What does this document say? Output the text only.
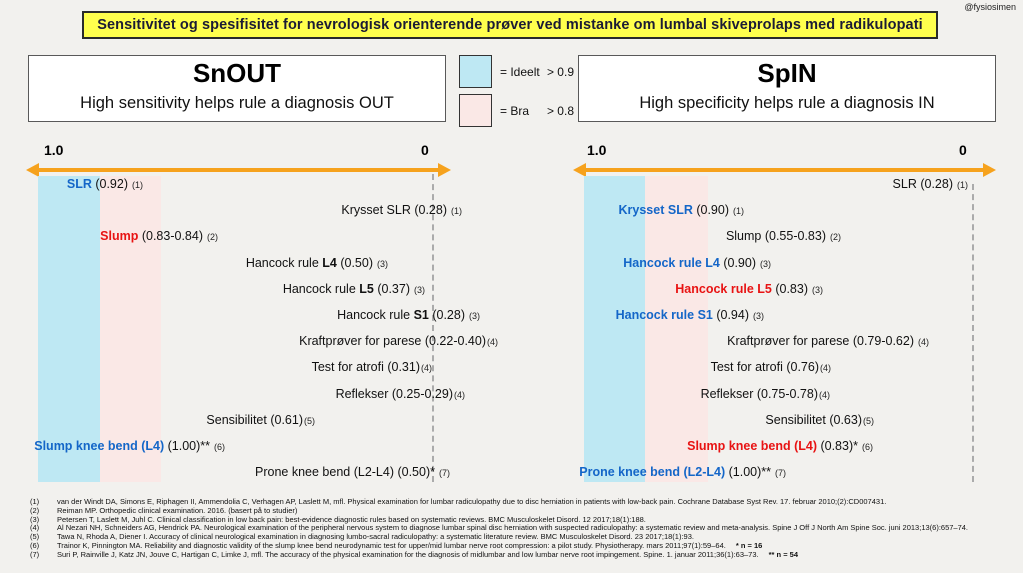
@fysiosimen
Sensitivitet og spesifisitet for nevrologisk orienterende prøver ved mistanke om lumbal skiveprolaps med radikulopati
SnOUT
High sensitivity helps rule a diagnosis OUT
= Ideelt > 0.9
= Bra > 0.8
SpIN
High specificity helps rule a diagnosis IN
1.0	0	1.0	0
SLR (0.92) (1)
Krysset SLR (0.28) (1)
Slump (0.83-0.84) (2)
Hancock rule L4 (0.50) (3)
Hancock rule L5 (0.37) (3)
Hancock rule S1 (0.28) (3)
Kraftprøver for parese (0.22-0.40)(4)
Test for atrofi (0.31)(4)
Reflekser (0.25-0.29)(4)
Sensibilitet (0.61)(5)
Slump knee bend (L4) (1.00)** (6)
Prone knee bend (L2-L4) (0.50)* (7)
SLR (0.28) (1)
Krysset SLR (0.90) (1)
Slump (0.55-0.83) (2)
Hancock rule L4 (0.90) (3)
Hancock rule L5 (0.83) (3)
Hancock rule S1 (0.94) (3)
Kraftprøver for parese (0.79-0.62) (4)
Test for atrofi (0.76)(4)
Reflekser (0.75-0.78)(4)
Sensibilitet (0.63)(5)
Slump knee bend (L4) (0.83)* (6)
Prone knee bend (L2-L4) (1.00)** (7)
(1)	van der Windt DA, Simons E, Riphagen II, Ammendolia C, Verhagen AP, Laslett M, mfl. Physical examination for lumbar radiculopathy due to disc herniation in patients with low-back pain. Cochrane Database Syst Rev. 17. februar 2010;(2):CD007431.
(2)	Reiman MP. Orthopedic clinical examination. 2016. (basert på to studier)
(3)	Petersen T, Laslett M, Juhl C. Clinical classification in low back pain: best-evidence diagnostic rules based on systematic reviews. BMC Musculoskelet Disord. 12 2017;18(1):188.
(4)	Al Nezari NH, Schneiders AG, Hendrick PA. Neurological examination of the peripheral nervous system to diagnose lumbar spinal disc herniation with suspected radiculopathy: a systematic review and meta-analysis. Spine J Off J North Am Spine Soc. juni 2013;13(6):657–74.
(5)	Tawa N, Rhoda A, Diener I. Accuracy of clinical neurological examination in diagnosing lumbo-sacral radiculopathy: a systematic literature review. BMC Musculoskelet Disord. 23 2017;18(1):93.
(6)	Trainor K, Pinnington MA. Reliability and diagnostic validity of the slump knee bend neurodynamic test for upper/mid lumbar nerve root compression: a pilot study. Physiotherapy. mars 2011;97(1):59–64. * n = 16
(7)	Suri P, Rainville J, Katz JN, Jouve C, Hartigan C, Limke J, mfl. The accuracy of the physical examination for the diagnosis of midlumbar and low lumbar nerve root impingement. Spine. 1. januar 2011;36(1):63–73. ** n = 54
